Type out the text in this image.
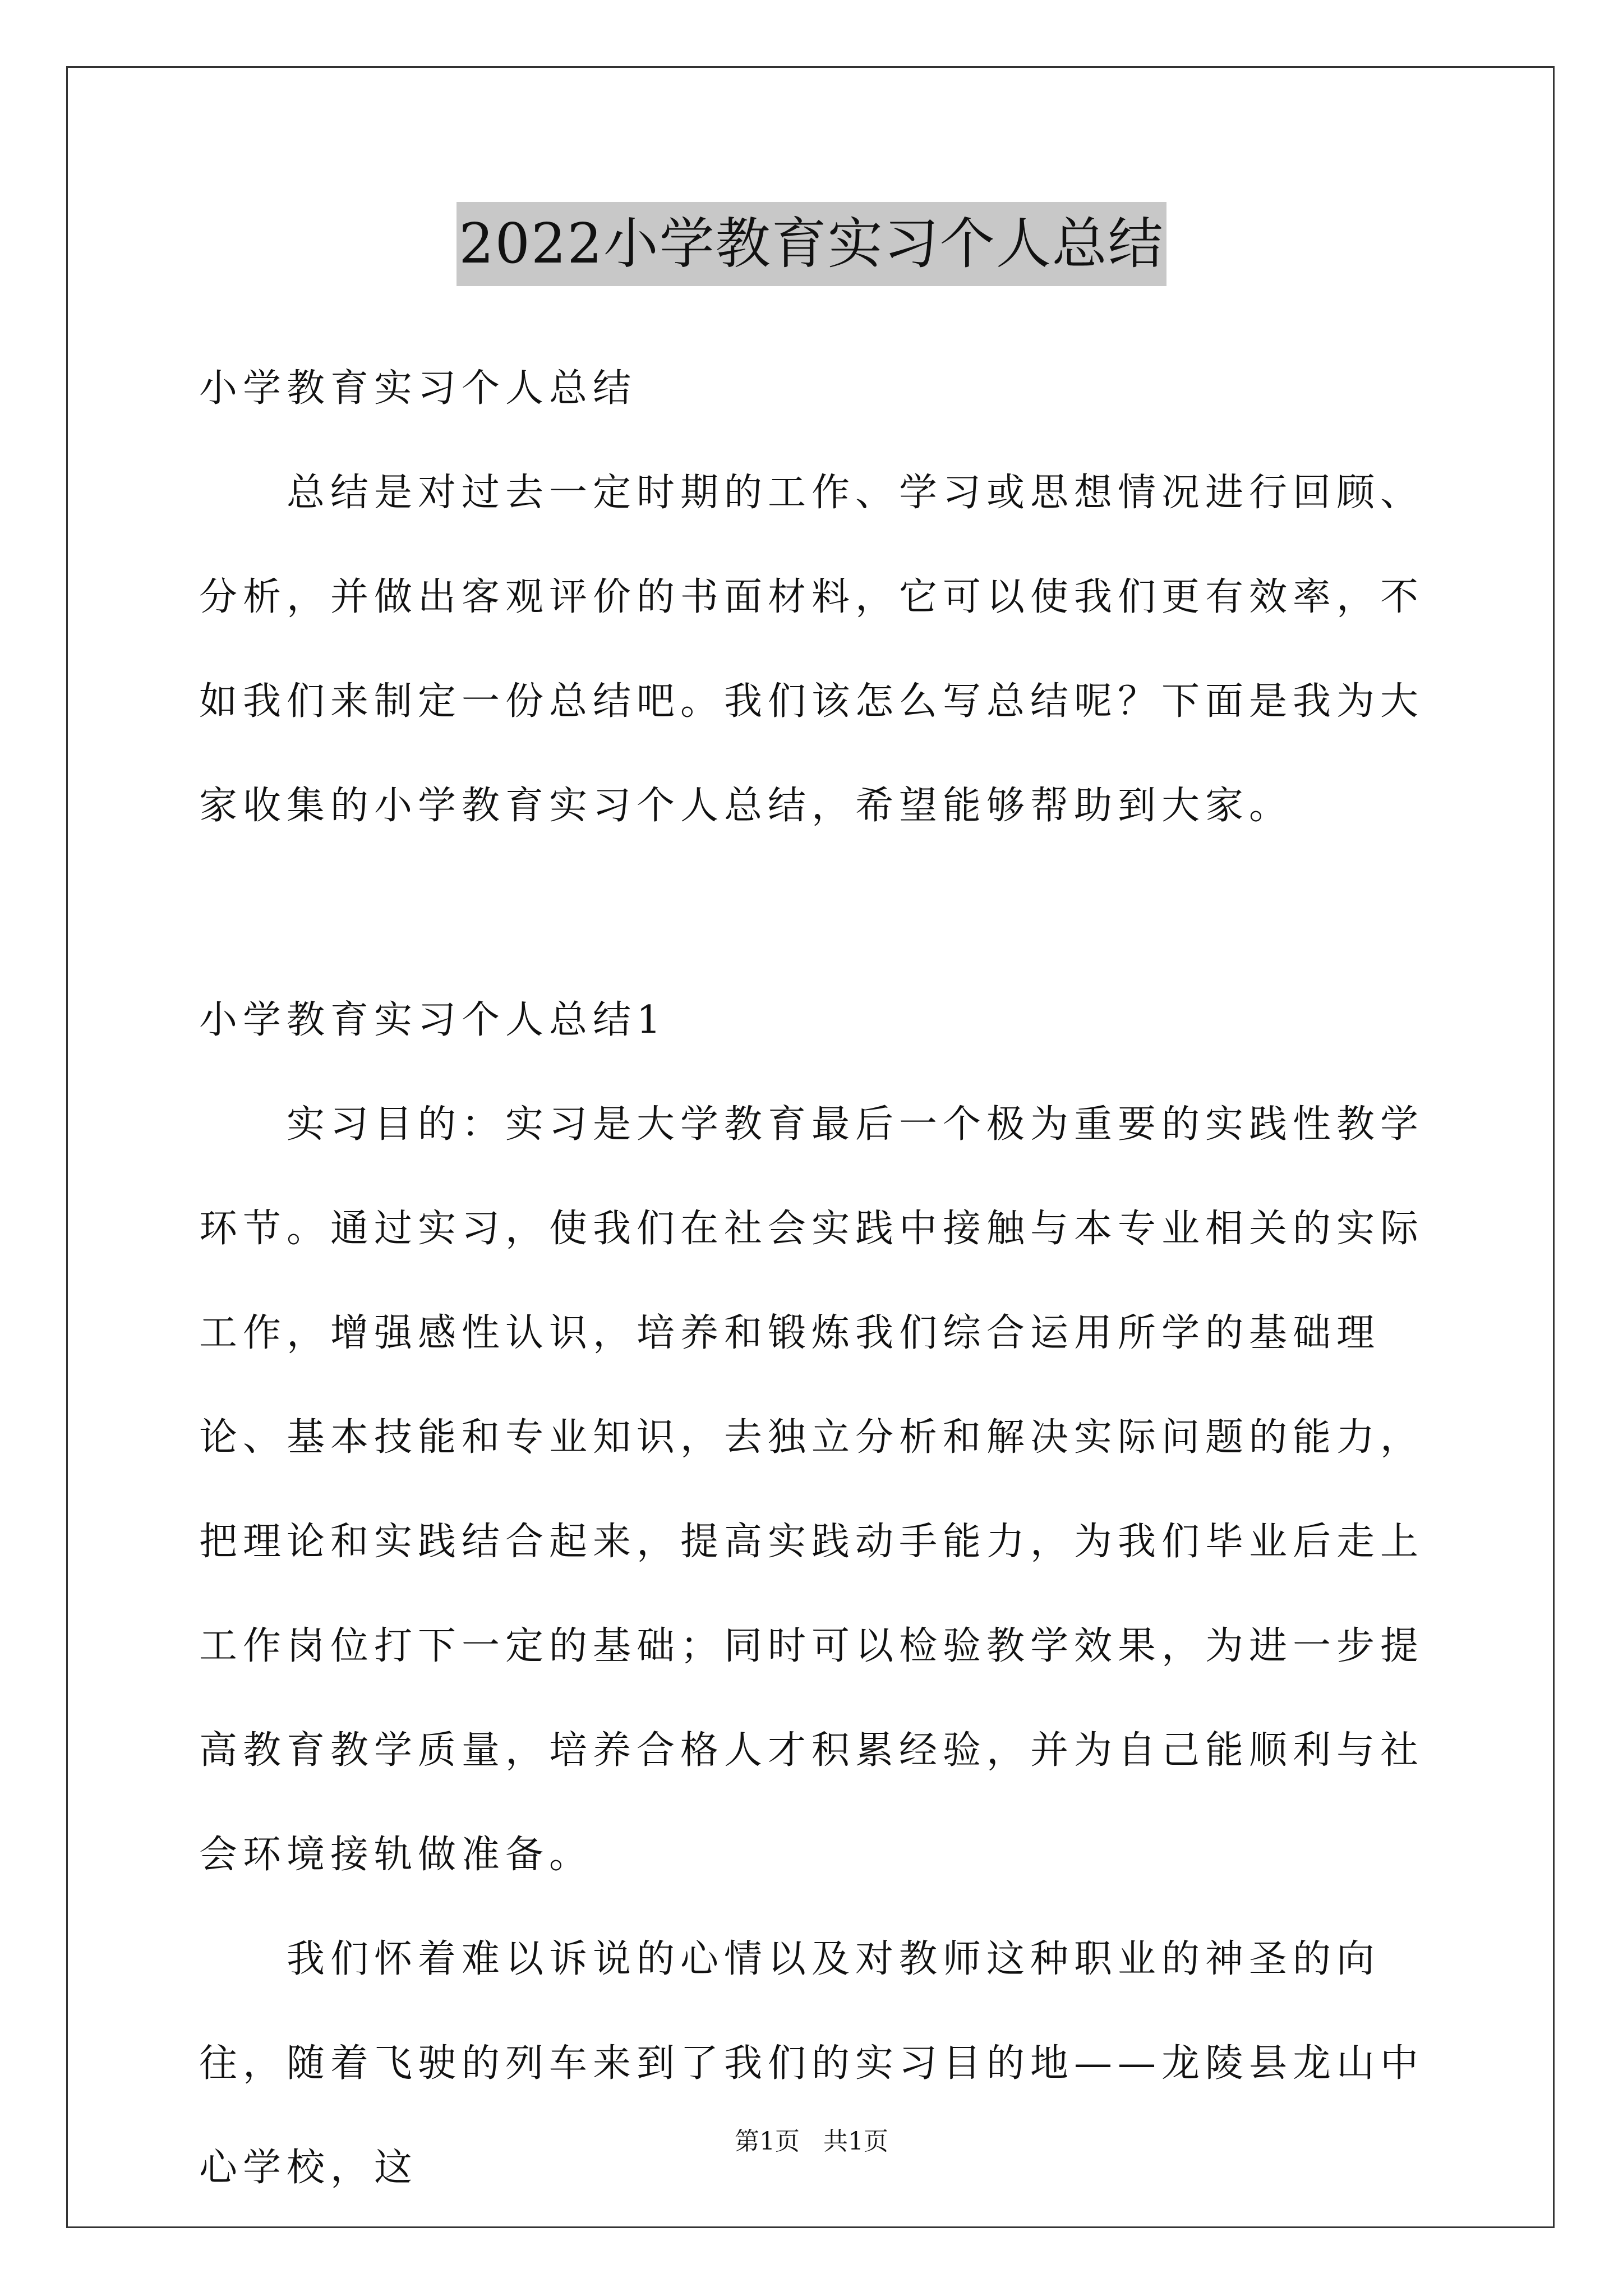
2022小学教育实习个人总结

小学教育实习个人总结

总结是对过去一定时期的工作、学习或思想情况进行回顾、分析，并做出客观评价的书面材料，它可以使我们更有效率，不如我们来制定一份总结吧。我们该怎么写总结呢？下面是我为大家收集的小学教育实习个人总结，希望能够帮助到大家。

小学教育实习个人总结1

实习目的：实习是大学教育最后一个极为重要的实践性教学环节。通过实习，使我们在社会实践中接触与本专业相关的实际工作，增强感性认识，培养和锻炼我们综合运用所学的基础理论、基本技能和专业知识，去独立分析和解决实际问题的能力，把理论和实践结合起来，提高实践动手能力，为我们毕业后走上工作岗位打下一定的基础；同时可以检验教学效果，为进一步提高教育教学质量，培养合格人才积累经验，并为自己能顺利与社会环境接轨做准备。

我们怀着难以诉说的心情以及对教师这种职业的神圣的向往，随着飞驶的列车来到了我们的实习目的地——龙陵县龙山中心学校，这

第1页   共1页
